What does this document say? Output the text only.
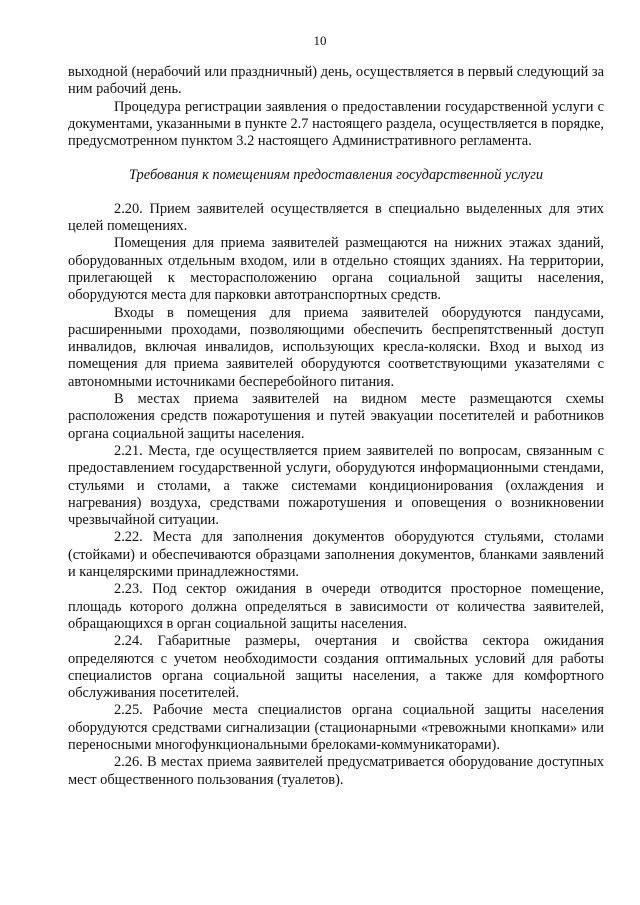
10

выходной (нерабочий или праздничный) день, осуществляется в первый следующий за ним рабочий день.

Процедура регистрации заявления о предоставлении государственной услуги с документами, указанными в пункте 2.7 настоящего раздела, осуществляется в порядке, предусмотренном пунктом 3.2 настоящего Административного регламента.

Требования к помещениям предоставления государственной услуги

2.20. Прием заявителей осуществляется в специально выделенных для этих целей помещениях.

Помещения для приема заявителей размещаются на нижних этажах зданий, оборудованных отдельным входом, или в отдельно стоящих зданиях. На территории, прилегающей к месторасположению органа социальной защиты населения, оборудуются места для парковки автотранспортных средств.

Входы в помещения для приема заявителей оборудуются пандусами, расширенными проходами, позволяющими обеспечить беспрепятственный доступ инвалидов, включая инвалидов, использующих кресла-коляски. Вход и выход из помещения для приема заявителей оборудуются соответствующими указателями с автономными источниками бесперебойного питания.

В местах приема заявителей на видном месте размещаются схемы расположения средств пожаротушения и путей эвакуации посетителей и работников органа социальной защиты населения.

2.21. Места, где осуществляется прием заявителей по вопросам, связанным с предоставлением государственной услуги, оборудуются информационными стендами, стульями и столами, а также системами кондиционирования (охлаждения и нагревания) воздуха, средствами пожаротушения и оповещения о возникновении чрезвычайной ситуации.

2.22. Места для заполнения документов оборудуются стульями, столами (стойками) и обеспечиваются образцами заполнения документов, бланками заявлений и канцелярскими принадлежностями.

2.23. Под сектор ожидания в очереди отводится просторное помещение, площадь которого должна определяться в зависимости от количества заявителей, обращающихся в орган социальной защиты населения.

2.24. Габаритные размеры, очертания и свойства сектора ожидания определяются с учетом необходимости создания оптимальных условий для работы специалистов органа социальной защиты населения, а также для комфортного обслуживания посетителей.

2.25. Рабочие места специалистов органа социальной защиты населения оборудуются средствами сигнализации (стационарными «тревожными кнопками» или переносными многофункциональными брелоками-коммуникаторами).

2.26. В местах приема заявителей предусматривается оборудование доступных мест общественного пользования (туалетов).
